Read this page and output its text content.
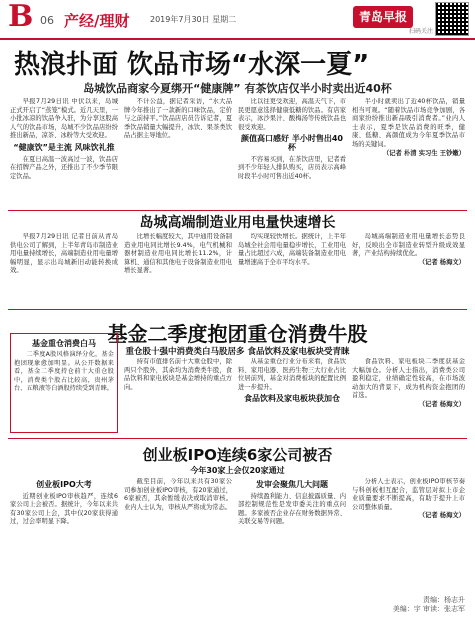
B 06 产经/理财	2019年7月30日 星期二	青岛早报
扫码关注
热浪扑面 饮品市场“水深一夏”
岛城饮品商家今夏绑开“健康牌” 有茶饮店仅半小时卖出近40杯

早报7月29日讯 中伏以来，岛城正式开启了“蒸笼”模式。近几天里，一小批冰凉的饮品争入驻，为分享这股高人气的饮品市场，岛城不少饮品店纷纷推出新品，凉茶、冰粉等大受欢迎。

“健康饮”是主流 风味饮礼推

在夏日高温一波高过一波，饮品店在招牌产品之外，还推出了不少季节限定饮品。

不计公益，据记者采访，“水大品牌今年推出了一款新的口味饮品，定价与之前持平。”饮品店店员告诉记者，夏季饮品销量大幅提升，冰饮、果茶类饮品占据主导地位。

比以往更受欢迎，高温天气下，市民更愿意选择健康低糖的饮品。有店家表示，冰沙果汁、酸梅汤等传统饮品也很受欢迎。

颜值高口感好 半小时售出40杯

不容易买到，在茶饮店里，记者看到不少年轻人排队购买，店员表示高峰时段半小时可售出近40杯。

半小时就卖出了近40杯饮品，销量相当可观。“随着饮品市场竞争加剧，各商家纷纷推出新品吸引消费者。”业内人士表示，夏季是饮品消费的旺季，健康、低糖、高颜值成为今年夏季饮品市场的关键词。

（记者 朴清 实习生 王钞嫩）
岛城高端制造业用电量快速增长

早报7月29日讯 记者日前从青岛供电公司了解到，上半年青岛市制造业用电量持续增长，高端制造业用电量增幅明显，显示出岛城新旧动能转换成效。

比增长幅度较大，其中通用设备制造业用电同比增长9.4%，电气机械和器材制造业用电同比增长11.2%，计算机、通信和其他电子设备制造业用电增长显著。

均实现较快增长。据统计，上半年岛城全社会用电量稳步增长，工业用电量占比超过六成，高端装备制造业用电量增速高于全市平均水平。

岛城高端制造业用电量增长态势良好，反映出全市制造业转型升级成效显著，产业结构持续优化。

（记者 杨海文）
基金二季度抱团重仓消费牛股
重仓股十强中消费类白马股居多 食品饮料及家电板块受青睐
基金重仓消费白马

二季度A股风格演绎分化，基金抱团现象愈加明显。从公开数据来看，基金二季度持仓前十大重仓股中，消费类个股占比较高，贵州茅台、五粮液等白酒股持续受到青睐。

持有市值排名前十大重仓股中，除两只个股外，其余均为消费类牛股，食品饮料和家电板块是基金增持的重点方向。

从基金重仓行业分布来看，食品饮料、家用电器、医药生物三大行业占比位居前列，基金对消费板块的配置比例进一步提升。

食品饮料及家电板块获加仓

食品饮料、家电板块二季度获基金大幅加仓。分析人士指出，消费类公司盈利稳定，业绩确定性较高，在市场波动加大的背景下，成为机构资金抱团的首选。

（记者 杨海文）
创业板IPO连续6家公司被否
今年30家上会仅20家通过
创业板IPO大考

近期创业板IPO审核趋严，连续6家公司上会被否。据统计，今年以来共有30家公司上会，其中仅20家获得通过，过会率明显下降。

截至目前，今年以来共有30家公司参加创业板IPO审核，有20家通过，6家被否，其余暂缓表决或取消审核。业内人士认为，审核从严将成为常态。

发审会聚焦几大问题

持续盈利能力、信息披露质量、内部控制规范性是发审委关注的重点问题。多家被否企业存在财务数据异常、关联交易等问题。

分析人士表示，创业板IPO审核节奏与科创板相互配合，监管层对拟上市企业质量要求不断提高，有助于提升上市公司整体质量。

（记者 杨海文）
责编：杨志升
美编：宇 审读：张志军
